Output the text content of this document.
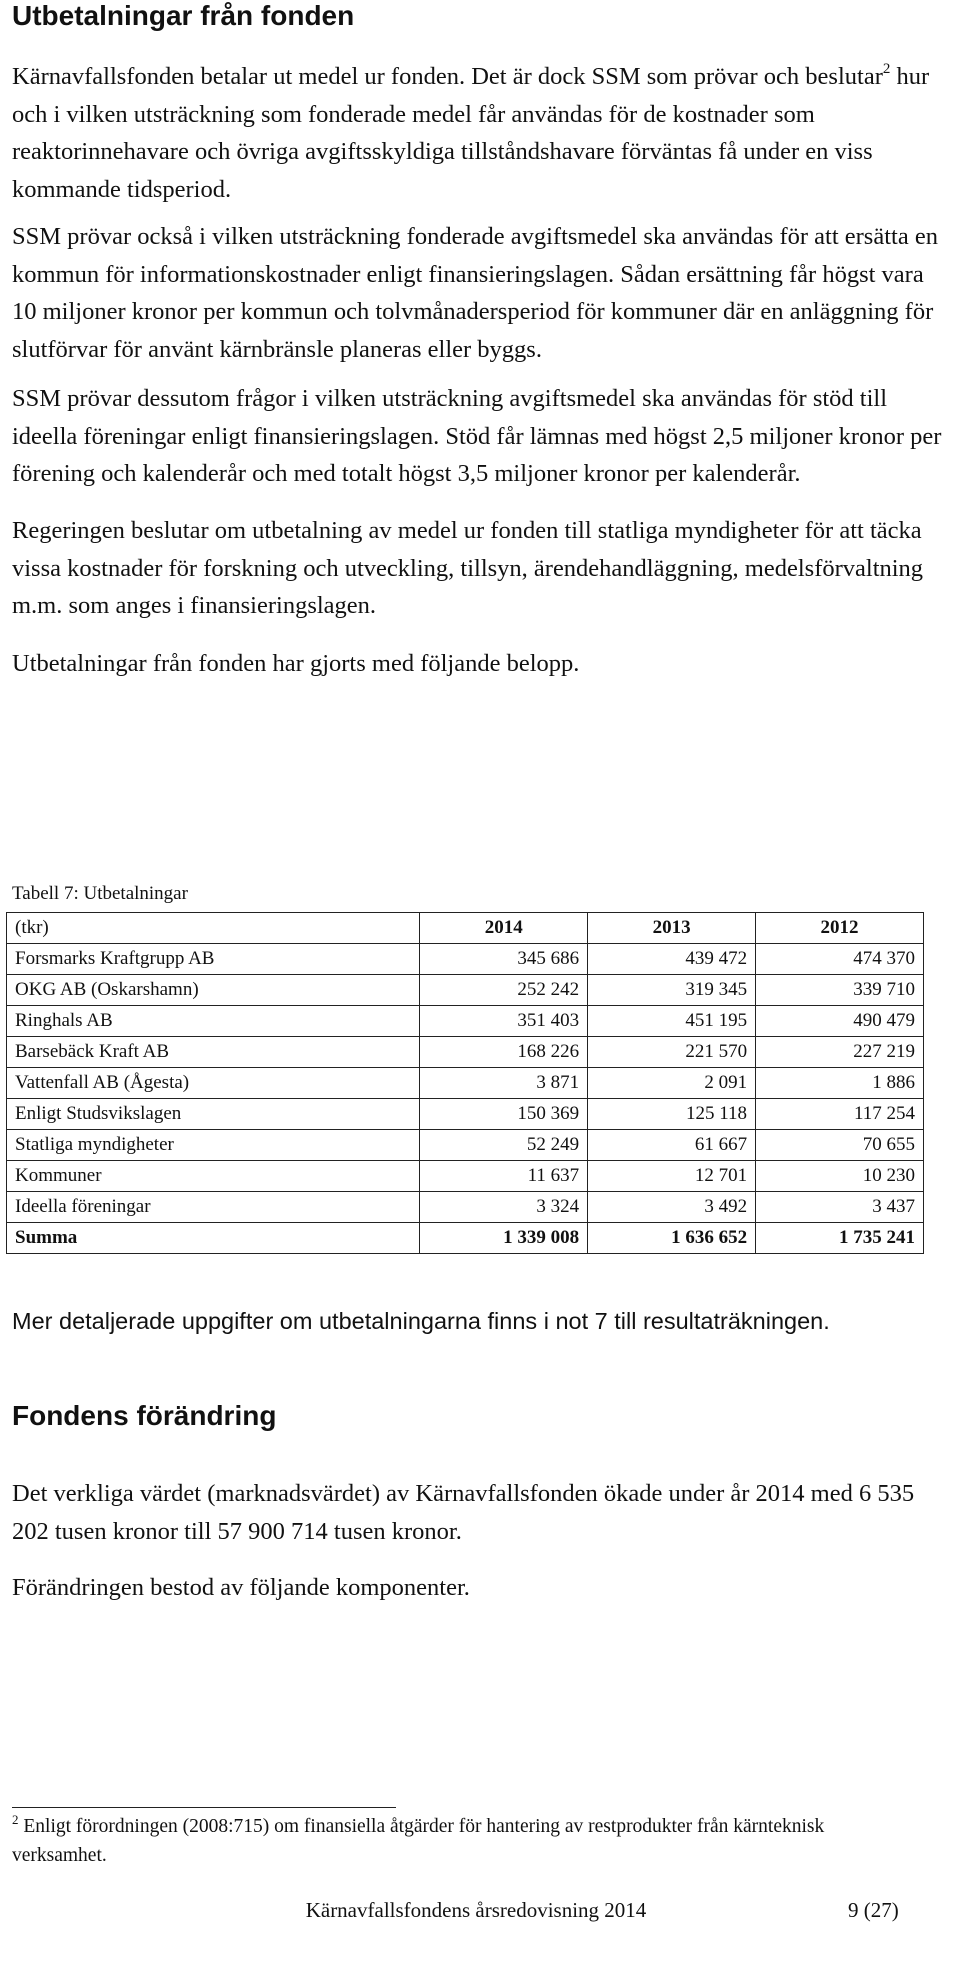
Utbetalningar från fonden

Kärnavfallsfonden betalar ut medel ur fonden. Det är dock SSM som prövar och beslutar$^2$ hur och i vilken utsträckning som fonderade medel får användas för de kostnader som reaktorinnehavare och övriga avgiftsskyldiga tillståndshavare förväntas få under en viss kommande tidsperiod.

SSM prövar också i vilken utsträckning fonderade avgiftsmedel ska användas för att ersätta en kommun för informationskostnader enligt finansieringslagen. Sådan ersättning får högst vara 10 miljoner kronor per kommun och tolvmånadersperiod för kommuner där en anläggning för slutförvar för använt kärnbränsle planeras eller byggs.

SSM prövar dessutom frågor i vilken utsträckning avgiftsmedel ska användas för stöd till ideella föreningar enligt finansieringslagen. Stöd får lämnas med högst 2,5 miljoner kronor per förening och kalenderår och med totalt högst 3,5 miljoner kronor per kalenderår.

Regeringen beslutar om utbetalning av medel ur fonden till statliga myndigheter för att täcka vissa kostnader för forskning och utveckling, tillsyn, ärendehandläggning, medelsförvaltning m.m. som anges i finansieringslagen.

Utbetalningar från fonden har gjorts med följande belopp.

Tabell 7: Utbetalningar
(tkr)	2014	2013	2012
Forsmarks Kraftgrupp AB	345 686	439 472	474 370
OKG AB (Oskarshamn)	252 242	319 345	339 710
Ringhals AB	351 403	451 195	490 479
Barsebäck Kraft AB	168 226	221 570	227 219
Vattenfall AB (Ågesta)	3 871	2 091	1 886
Enligt Studsvikslagen	150 369	125 118	117 254
Statliga myndigheter	52 249	61 667	70 655
Kommuner	11 637	12 701	10 230
Ideella föreningar	3 324	3 492	3 437
Summa	1 339 008	1 636 652	1 735 241

Mer detaljerade uppgifter om utbetalningarna finns i not 7 till resultaträkningen.

Fondens förändring

Det verkliga värdet (marknadsvärdet) av Kärnavfallsfonden ökade under år 2014 med 6 535 202 tusen kronor till 57 900 714 tusen kronor.

Förändringen bestod av följande komponenter.

$^2$ Enligt förordningen (2008:715) om finansiella åtgärder för hantering av restprodukter från kärnteknisk verksamhet.
Kärnavfallsfondens årsredovisning 2014	9 (27)
